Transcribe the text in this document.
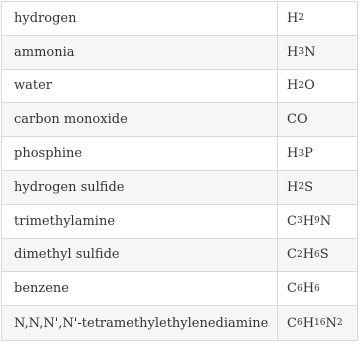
hydrogen	H 2
ammonia	H 3 N
water	H 2 O
carbon monoxide	CO
phosphine	H 3 P
hydrogen sulfide	H 2 S
trimethylamine	C 3 H 9 N
dimethyl sulfide	C 2 H 6 S
benzene	C 6 H 6
N,N,N',N'-tetramethylethylenediamine	C 6 H 16 N 2
